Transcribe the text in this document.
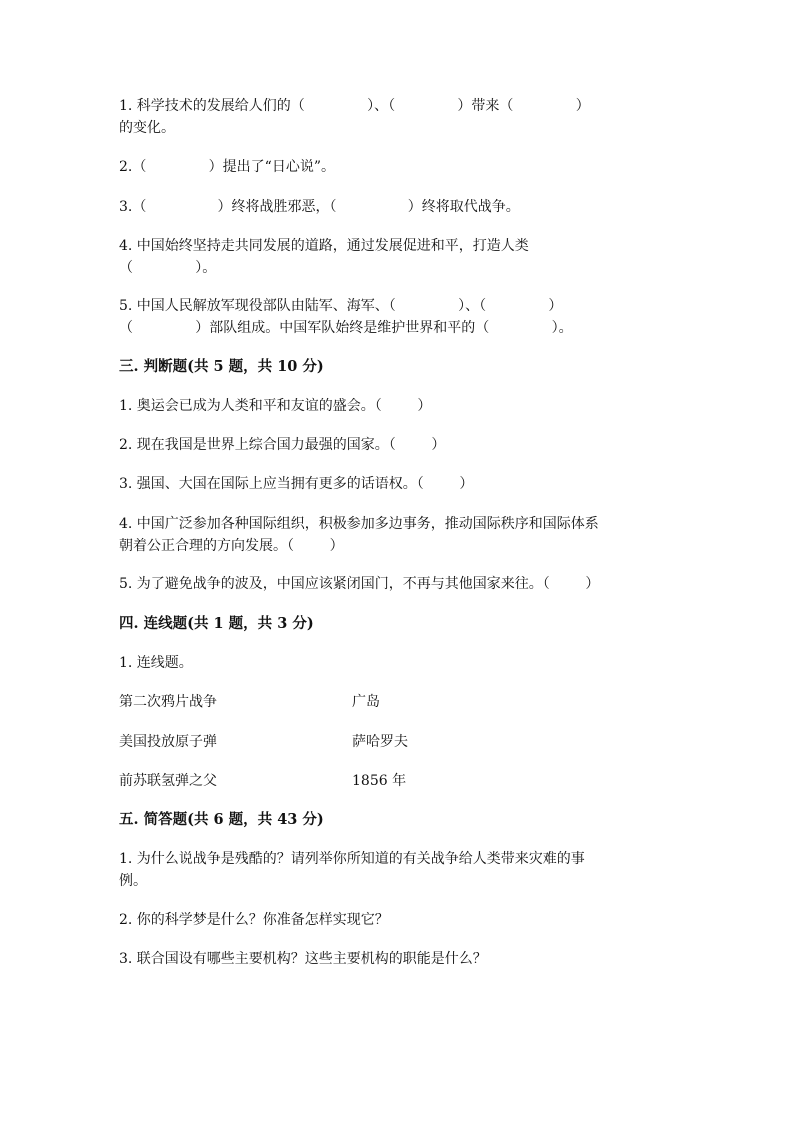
1. 科学技术的发展给人们的（              ）、（              ）带来（              ）
的变化。
2.（              ）提出了“日心说”。
3.（                ）终将战胜邪恶，（                ）终将取代战争。
4. 中国始终坚持走共同发展的道路，通过发展促进和平，打造人类
（              ）。
5. 中国人民解放军现役部队由陆军、海军、（              ）、（              ）
（              ）部队组成。中国军队始终是维护世界和平的（              ）。
三. 判断题(共 5 题，共 10 分)
1. 奥运会已成为人类和平和友谊的盛会。（        ）
2. 现在我国是世界上综合国力最强的国家。（        ）
3. 强国、大国在国际上应当拥有更多的话语权。（        ）
4. 中国广泛参加各种国际组织，积极参加多边事务，推动国际秩序和国际体系
朝着公正合理的方向发展。（        ）
5. 为了避免战争的波及，中国应该紧闭国门，不再与其他国家来往。（        ）
四. 连线题(共 1 题，共 3 分)
1. 连线题。
第二次鸦片战争	广岛
美国投放原子弹	萨哈罗夫
前苏联氢弹之父	1856 年
五. 简答题(共 6 题，共 43 分)
1. 为什么说战争是残酷的？请列举你所知道的有关战争给人类带来灾难的事
例。
2. 你的科学梦是什么？你准备怎样实现它？
3. 联合国设有哪些主要机构？这些主要机构的职能是什么？
